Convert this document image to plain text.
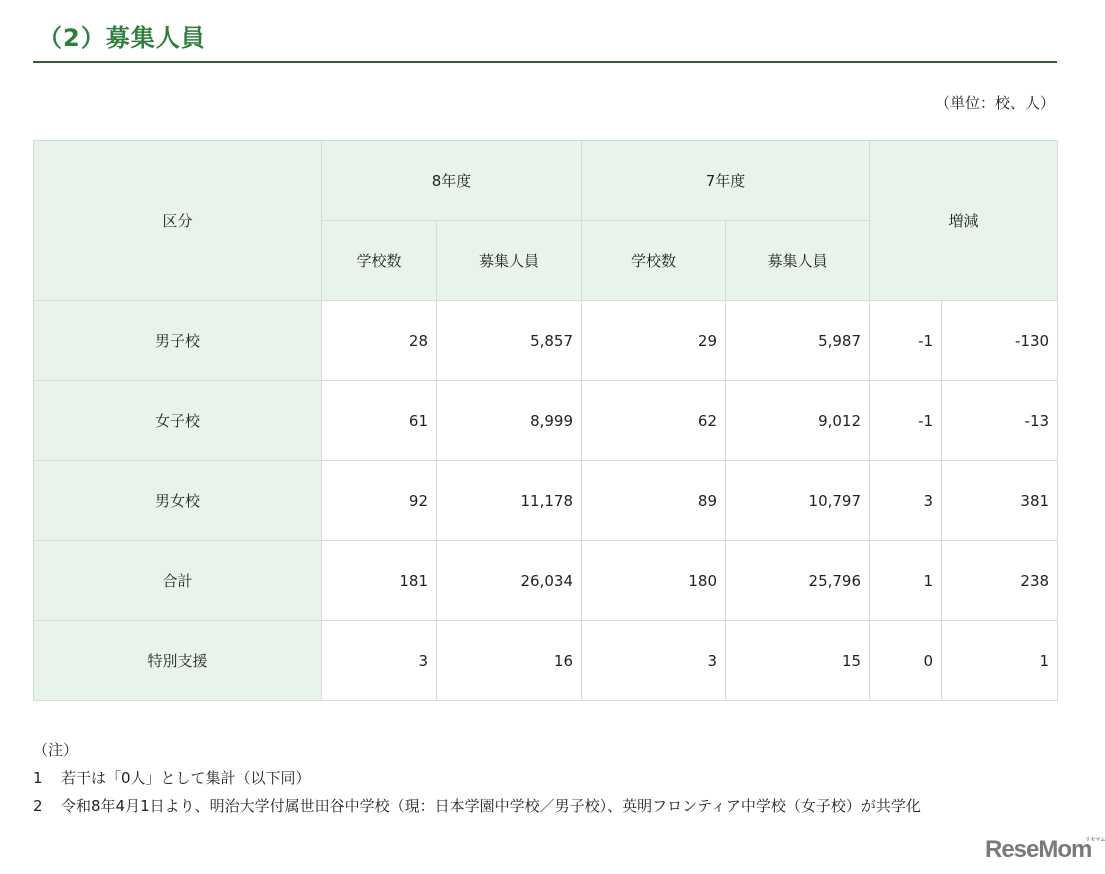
（2）募集人員
（単位：校、人）
区分	8年度		7年度		増減	
	学校数	募集人員	学校数	募集人員		
男子校	28	5,857	29	5,987	-1	-130
女子校	61	8,999	62	9,012	-1	-13
男女校	92	11,178	89	10,797	3	381
合計	181	26,034	180	25,796	1	238
特別支援	3	16	3	15	0	1
（注）
1 若干は「0人」として集計（以下同）
2 令和8年4月1日より、明治大学付属世田谷中学校（現：日本学園中学校／男子校）、英明フロンティア中学校（女子校）が共学化
ReseMom
リセマム
